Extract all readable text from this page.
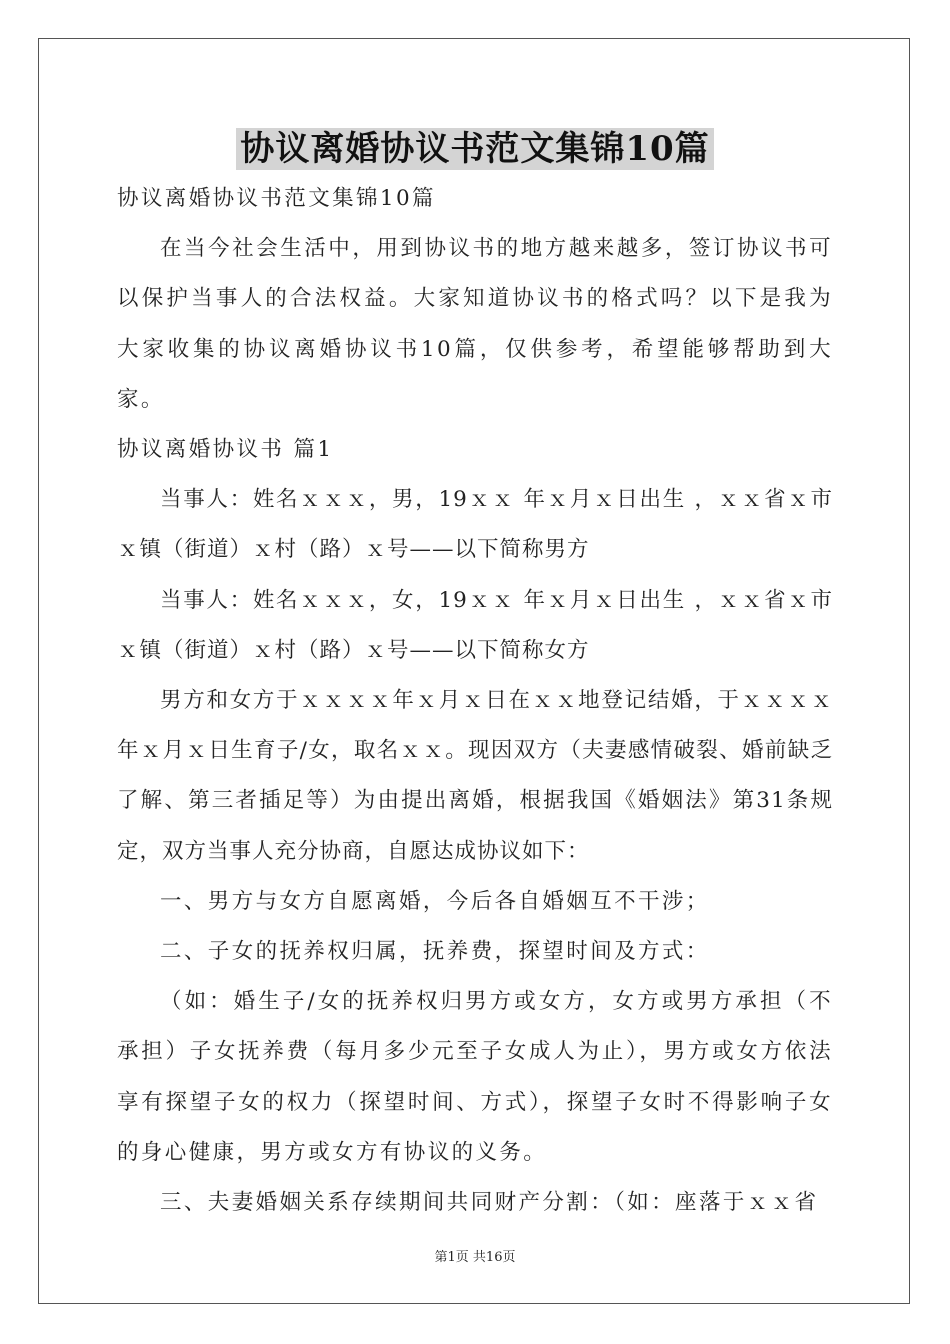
协议离婚协议书范文集锦10篇

协议离婚协议书范文集锦10篇

在当今社会生活中，用到协议书的地方越来越多，签订协议书可以保护当事人的合法权益。大家知道协议书的格式吗？以下是我为大家收集的协议离婚协议书10篇，仅供参考，希望能够帮助到大家。

协议离婚协议书 篇1

当事人：姓名ｘｘｘ，男，19ｘｘ 年ｘ月ｘ日出生 ，ｘｘ省ｘ市ｘ镇（街道）ｘ村（路）ｘ号——以下简称男方

当事人：姓名ｘｘｘ，女，19ｘｘ 年ｘ月ｘ日出生 ，ｘｘ省ｘ市ｘ镇（街道）ｘ村（路）ｘ号——以下简称女方

男方和女方于ｘｘｘｘ年ｘ月ｘ日在ｘｘ地登记结婚，于ｘｘｘｘ年ｘ月ｘ日生育子/女，取名ｘｘ。现因双方（夫妻感情破裂、婚前缺乏了解、第三者插足等）为由提出离婚，根据我国《婚姻法》第31条规定，双方当事人充分协商，自愿达成协议如下：

一、男方与女方自愿离婚，今后各自婚姻互不干涉；

二、子女的抚养权归属，抚养费，探望时间及方式：

（如：婚生子/女的抚养权归男方或女方，女方或男方承担（不承担）子女抚养费（每月多少元至子女成人为止），男方或女方依法享有探望子女的权力（探望时间、方式），探望子女时不得影响子女的身心健康，男方或女方有协议的义务。

三、夫妻婚姻关系存续期间共同财产分割：（如：座落于ｘｘ省

第1页 共16页
